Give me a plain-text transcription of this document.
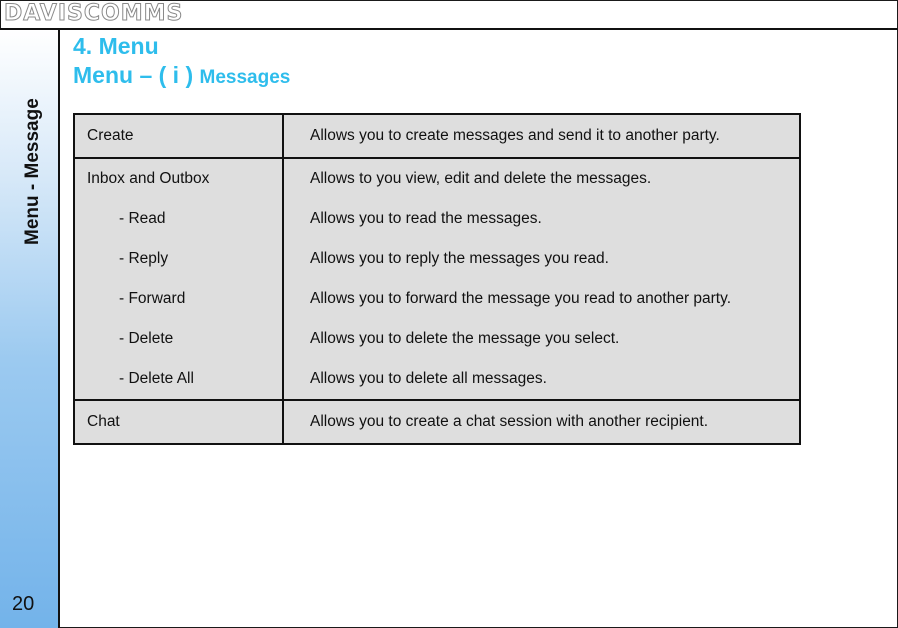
DAVISCOMMS
Menu - Message
20
4. Menu
Menu – ( i ) Messages
Create	Allows you to create messages and send it to another party.
Inbox and Outbox	Allows to you view, edit and delete the messages.
- Read	Allows you to read the messages.
- Reply	Allows you to reply the messages you read.
- Forward	Allows you to forward the message you read to another party.
- Delete	Allows you to delete the message you select.
- Delete All	Allows you to delete all messages.
Chat	Allows you to create a chat session with another recipient.
